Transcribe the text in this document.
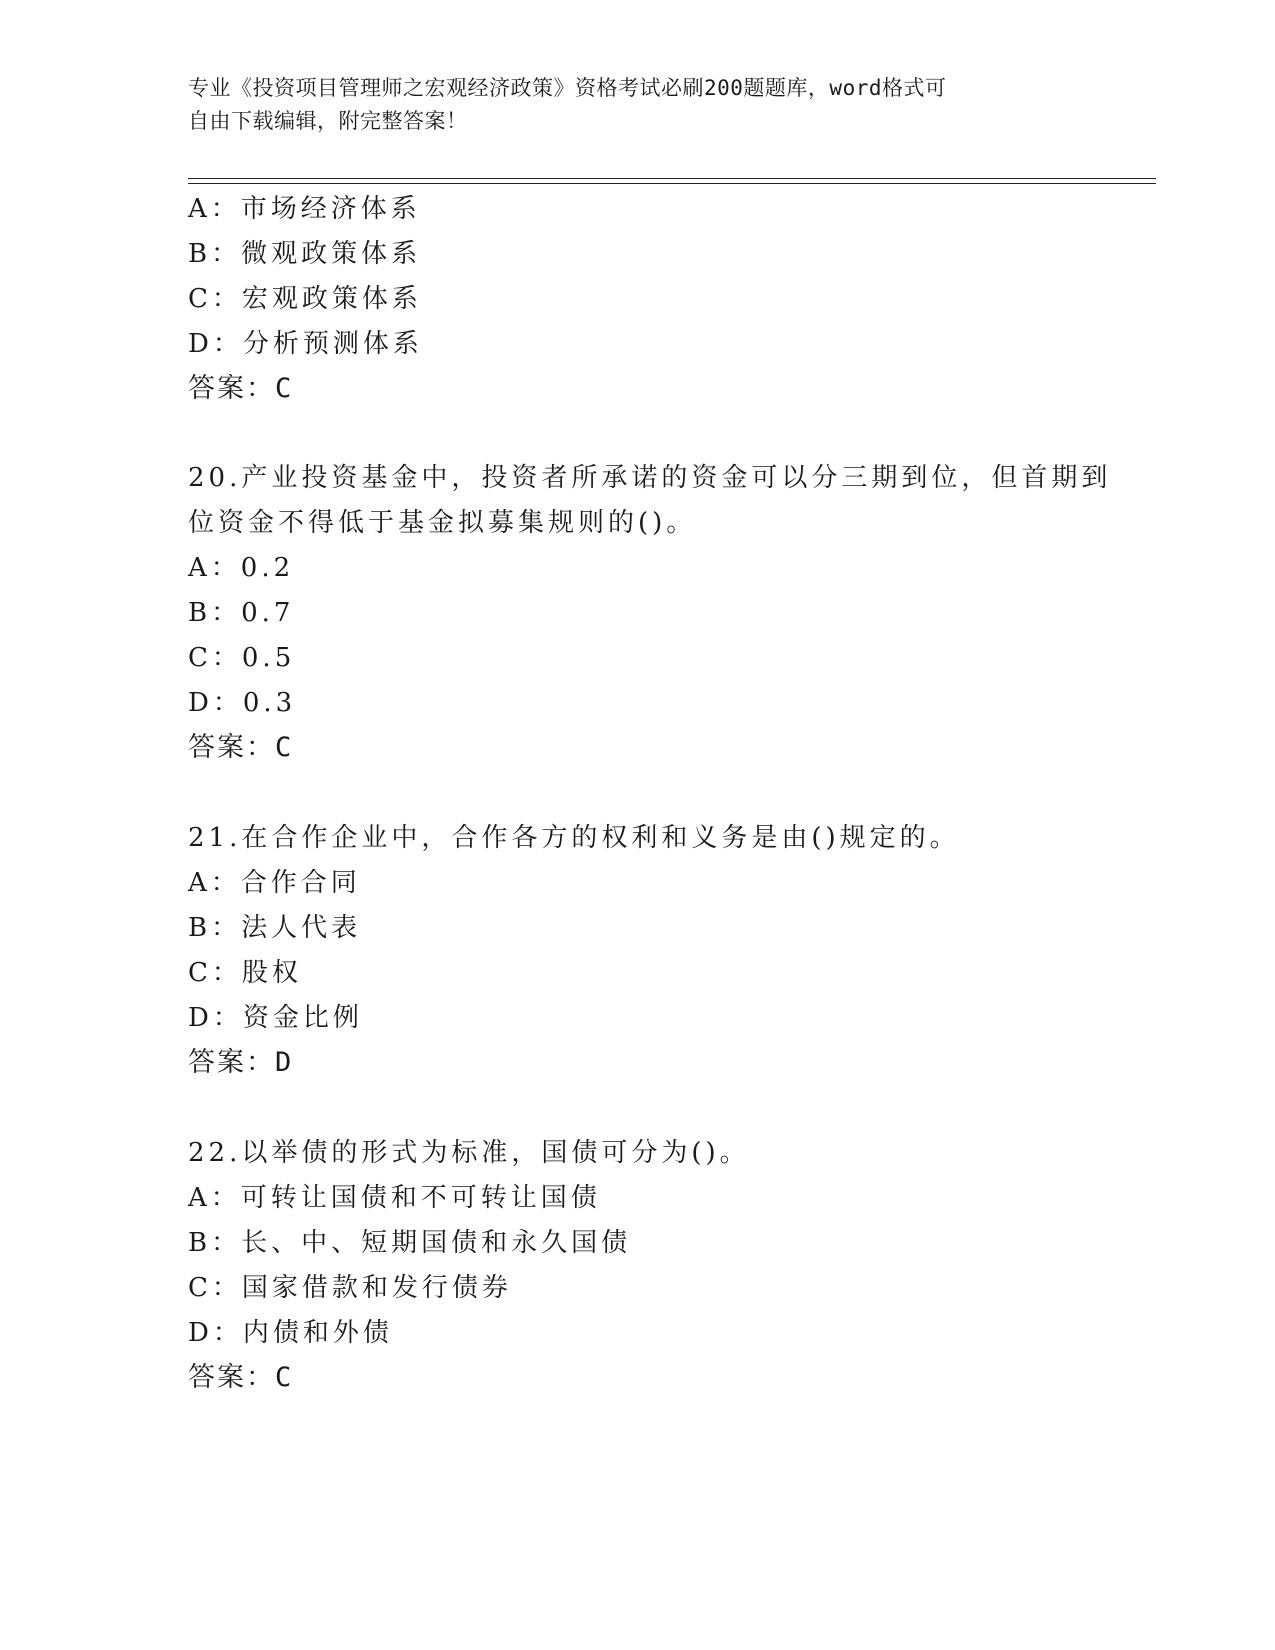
专业《投资项目管理师之宏观经济政策》资格考试必刷200题题库，word格式可
自由下载编辑，附完整答案！
A：市场经济体系
B：微观政策体系
C：宏观政策体系
D：分析预测体系
答案：C
20.产业投资基金中，投资者所承诺的资金可以分三期到位，但首期到
位资金不得低于基金拟募集规则的()。
A：0.2
B：0.7
C：0.5
D：0.3
答案：C
21.在合作企业中，合作各方的权利和义务是由()规定的。
A：合作合同
B：法人代表
C：股权
D：资金比例
答案：D
22.以举债的形式为标准，国债可分为()。
A：可转让国债和不可转让国债
B：长、中、短期国债和永久国债
C：国家借款和发行债券
D：内债和外债
答案：C
